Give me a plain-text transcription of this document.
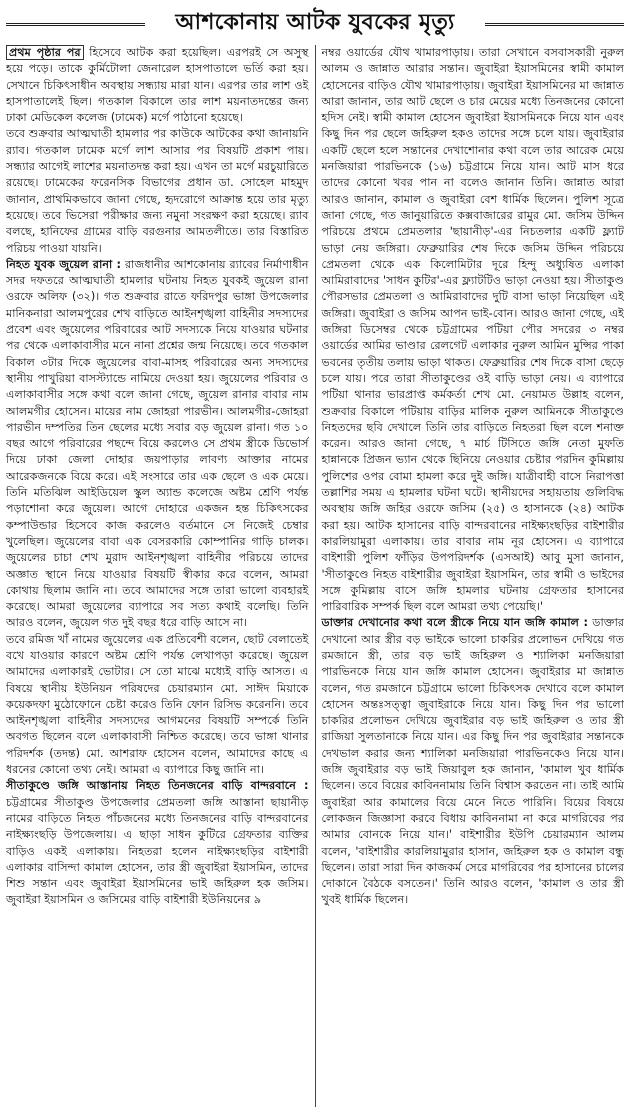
আশকোনায় আটক যুবকের মৃত্যু

প্রথম পৃষ্ঠার পর হিসেবে আটক করা হয়েছিল। এরপরই সে অসুস্থ হয়ে পড়ে। তাকে কুর্মিটোলা জেনারেল হাসপাতালে ভর্তি করা হয়। সেখানে চিকিৎসাধীন অবস্থায় সন্ধ্যায় মারা যান। এরপর তার লাশ ওই হাসপাতালেই ছিল। গতকাল বিকালে তার লাশ ময়নাতদন্তের জন্য ঢাকা মেডিকেল কলেজ (ঢামেক) মর্গে পাঠানো হয়েছে।

তবে শুক্রবার আত্মঘাতী হামলার পর কাউকে আটকের কথা জানায়নি র‍্যাব। গতকাল ঢামেক মর্গে লাশ আসার পর বিষয়টি প্রকাশ পায়। সন্ধ্যার আগেই লাশের ময়নাতদন্ত করা হয়। এখন তা মর্গে মরচুয়ারিতে রয়েছে। ঢামেকের ফরেনসিক বিভাগের প্রধান ডা. সোহেল মাহমুদ জানান, প্রাথমিকভাবে জানা গেছে, হৃদরোগে আক্রান্ত হয়ে তার মৃত্যু হয়েছে। তবে ভিসেরা পরীক্ষার জন্য নমুনা সংরক্ষণ করা হয়েছে। র‍্যাব বলছে, হানিফের গ্রামের বাড়ি বরগুনার আমতলীতে। তার বিস্তারিত পরিচয় পাওয়া যায়নি।

নিহত যুবক জুয়েল রানা : রাজধানীর আশকোনায় র‍্যাবের নির্মাণাধীন সদর দফতরে আত্মঘাতী হামলার ঘটনায় নিহত যুবকই জুয়েল রানা ওরফে অলিফ (৩২)। গত শুক্রবার রাতে ফরিদপুর ভাঙ্গা উপজেলার মানিকনারা আলমপুরের শেখ বাড়িতে আইনশৃঙ্খলা বাহিনীর সদস্যদের প্রবেশ এবং জুয়েলের পরিবারের আট সদস্যকে নিয়ে যাওয়ার ঘটনার পর থেকে এলাকাবাসীর মনে নানা প্রশ্নের জন্ম নিয়েছে। তবে গতকাল বিকাল ৩টার দিকে জুয়েলের বাবা-মাসহ পরিবারের অন্য সদস্যদের স্থানীয় পাখুরিয়া বাসস্ট্যান্ডে নামিয়ে দেওয়া হয়। জুয়েলের পরিবার ও এলাকাবাসীর সঙ্গে কথা বলে জানা গেছে, জুয়েল রানার বাবার নাম আলমগীর হোসেন। মায়ের নাম জোহরা পারভীন। আলমগীর-জোহরা পারভীন দম্পতির তিন ছেলের মধ্যে সবার বড় জুয়েল রানা। গত ১০ বছর আগে পরিবারের পছন্দে বিয়ে করলেও সে প্রথম স্ত্রীকে ডিভোর্স দিয়ে ঢাকা জেলা দোহার জয়পাড়ার লাবণ্য আক্তার নামের আরেকজনকে বিয়ে করে। এই সংসারে তার এক ছেলে ও এক মেয়ে। তিনি মতিঝিল আইডিয়েল স্কুল অ্যান্ড কলেজে অষ্টম শ্রেণি পর্যন্ত পড়াশোনা করে জুয়েল। আগে দোহারে একজন হন্ত চিকিৎসকের কম্পাউন্ডার হিসেবে কাজ করলেও বর্তমানে সে নিজেই চেম্বার খুলেছিল। জুয়েলের বাবা এক বেসরকারি কোম্পানির গাড়ি চালক। জুয়েলের চাচা শেখ মুরাদ আইনশৃঙ্খলা বাহিনীর পরিচয়ে তাদের অজ্ঞাত স্থানে নিয়ে যাওয়ার বিষয়টি স্বীকার করে বলেন, আমরা কোথায় ছিলাম জানি না। তবে আমাদের সঙ্গে তারা ভালো ব্যবহারই করেছে। আমরা জুয়েলের ব্যাপারে সব সত্য কথাই বলেছি। তিনি আরও বলেন, জুয়েল গত দুই বছর ধরে বাড়ি আসে না।

তবে রমিজ খাঁ নামের জুয়েলের এক প্রতিবেশী বলেন, ছোট বেলাতেই বখে যাওয়ার কারণে অষ্টম শ্রেণি পর্যন্ত লেখাপড়া করেছে। জুয়েল আমাদের এলাকারই ভোটার। সে তো মাঝে মধ্যেই বাড়ি আসত। এ বিষয়ে স্থানীয় ইউনিয়ন পরিষদের চেয়ারম্যান মো. সাঈদ মিয়াকে কয়েকদফা মুঠোফোনে চেষ্টা করেও তিনি ফোন রিসিভ করেননি। তবে আইনশৃঙ্খলা বাহিনীর সদস্যদের আগমনের বিষয়টি সম্পর্কে তিনি অবগত ছিলেন বলে এলাকাবাসী নিশ্চিত করেছে। তবে ভাঙ্গা থানার পরিদর্শক (তদন্ত) মো. আশরাফ হোসেন বলেন, আমাদের কাছে এ ধরনের কোনো তথ্য নেই। আমরা এ ব্যাপারে কিছু জানি না।

সীতাকুণ্ডে জঙ্গি আস্তানায় নিহত তিনজনের বাড়ি বান্দরবানে : চট্টগ্রামের সীতাকুণ্ড উপজেলার প্রেমতলা জঙ্গি আস্তানা ছায়ানীড় নামের বাড়িতে নিহত পাঁচজনের মধ্যে তিনজনের বাড়ি বান্দরবানের নাইক্ষ্যংছড়ি উপজেলায়। এ ছাড়া সাধন কুটিরে গ্রেফতার ব্যক্তির বাড়িও একই এলাকায়। নিহতরা হলেন নাইক্ষ্যংছড়ির বাইশারী এলাকার বাসিন্দা কামাল হোসেন, তার স্ত্রী জুবাইরা ইয়াসমিন, তাদের শিশু সন্তান এবং জুবাইরা ইয়াসমিনের ভাই জহিরুল হক জসিম। জুবাইরা ইয়াসমিন ও জসিমের বাড়ি বাইশারী ইউনিয়নের ৯

নম্বর ওয়ার্ডের যৌথ খামারপাড়ায়। তারা সেখানে বসবাসকারী নুরুল আলম ও জান্নাত আরার সন্তান। জুবাইরা ইয়াসমিনের স্বামী কামাল হোসেনের বাড়িও যৌথ খামারপাড়ায়। জুবাইরা ইয়াসমিনের মা জান্নাত আরা জানান, তার আট ছেলে ও চার মেয়ের মধ্যে তিনজনের কোনো হদিস নেই। স্বামী কামাল হোসেন জুবাইরা ইয়াসমিনকে নিয়ে যান এবং কিছু দিন পর ছেলে জহিরুল হকও তাদের সঙ্গে চলে যায়। জুবাইরার একটি ছেলে হলে সন্তানের দেখাশোনার কথা বলে তার আরেক মেয়ে মনজিয়ারা পারভিনকে (১৬) চট্টগ্রামে নিয়ে যান। আট মাস ধরে তাদের কোনো খবর পান না বলেও জানান তিনি। জান্নাত আরা আরও জানান, কামাল ও জুবাইরা বেশ ধার্মিক ছিলেন। পুলিশ সূত্রে জানা গেছে, গত জানুয়ারিতে কক্সবাজারের রামুর মো. জসিম উদ্দিন পরিচয়ে প্রথমে প্রেমতলার 'ছায়ানীড়'-এর নিচতলার একটি ফ্ল্যাট ভাড়া নেয় জঙ্গিরা। ফেব্রুয়ারির শেষ দিকে জসিম উদ্দিন পরিচয়ে প্রেমতলা থেকে এক কিলোমিটার দূরে হিন্দু অধ্যুষিত এলাকা আমিরাবাদের 'সাধন কুটির'-এর ফ্ল্যাটটিও ভাড়া নেওয়া হয়। সীতাকুণ্ড পৌরসভার প্রেমতলা ও আমিরাবাদের দুটি বাসা ভাড়া নিয়েছিল এই জঙ্গিরা। জুবাইরা ও জসিম আপন ভাই-বোন। আরও জানা গেছে, এই জঙ্গিরা ডিসেম্বর থেকে চট্টগ্রামের পটিয়া পৌর সদরের ৩ নম্বর ওয়ার্ডের আমির ভাণ্ডার রেলগেট এলাকার নুরুল আমিন মুন্সির পাকা ভবনের তৃতীয় তলায় ভাড়া থাকত। ফেব্রুয়ারির শেষ দিকে বাসা ছেড়ে চলে যায়। পরে তারা সীতাকুণ্ডের ওই বাড়ি ভাড়া নেয়। এ ব্যাপারে পটিয়া থানার ভারপ্রাপ্ত কর্মকর্তা শেখ মো. নেয়ামত উল্লাহ বলেন, শুক্রবার বিকালে পটিয়ায় বাড়ির মালিক নুরুল আমিনকে সীতাকুণ্ডে নিহতদের ছবি দেখালে তিনি তার বাড়িতে নিহতরা ছিল বলে শনাক্ত করেন। আরও জানা গেছে, ৭ মার্চ টিসিতে জঙ্গি নেতা মুফতি হান্নানকে প্রিজন ভ্যান থেকে ছিনিয়ে নেওয়ার চেষ্টার পরদিন কুমিল্লায় পুলিশের ওপর বোমা হামলা করে দুই জঙ্গি। যাত্রীবাহী বাসে নিরাপত্তা তল্লাশির সময় এ হামলার ঘটনা ঘটে। স্থানীয়দের সহায়তায় গুলিবিদ্ধ অবস্থায় জঙ্গি জহির ওরফে জসিম (২৫) ও হাসানকে (২৪) আটক করা হয়। আটক হাসানের বাড়ি বান্দরবানের নাইক্ষ্যংছড়ির বাইশারীর কারলিয়ামুরা এলাকায়। তার বাবার নাম নূর হোসেন। এ ব্যাপারে বাইশারী পুলিশ ফাঁড়ির উপপরিদর্শক (এসআই) আবু মুসা জানান, 'সীতাকুণ্ডে নিহত বাইশারীর জুবাইরা ইয়াসমিন, তার স্বামী ও ভাইদের সঙ্গে কুমিল্লায় বাসে জঙ্গি হামলার ঘটনায় গ্রেফতার হাসানের পারিবারিক সম্পর্ক ছিল বলে আমরা তথ্য পেয়েছি।'

ডাক্তার দেখানোর কথা বলে স্ত্রীকে নিয়ে যান জঙ্গি কামাল : ডাক্তার দেখানো আর স্ত্রীর বড় ভাইকে ভালো চাকরির প্রলোভন দেখিয়ে গত রমজানে স্ত্রী, তার বড় ভাই জহিরুল ও শ্যালিকা মনজিয়ারা পারভিনকে নিয়ে যান জঙ্গি কামাল হোসেন। জুবাইরার মা জান্নাত বলেন, গত রমজানে চট্টগ্রামে ভালো চিকিৎসক দেখাবে বলে কামাল হোসেন অন্তঃসত্ত্বা জুবাইরাকে নিয়ে যান। কিছু দিন পর ভালো চাকরির প্রলোভন দেখিয়ে জুবাইরার বড় ভাই জহিরুল ও তার স্ত্রী রাজিয়া সুলতানাকে নিয়ে যান। এর কিছু দিন পর জুবাইরার সন্তানকে দেখভাল করার জন্য শ্যালিকা মনজিয়ারা পারভিনকেও নিয়ে যান। জঙ্গি জুবাইরার বড় ভাই জিয়াবুল হক জানান, 'কামাল খুব ধার্মিক ছিলেন। তবে বিয়ের কাবিননামায় তিনি বিশ্বাস করতেন না। তাই আমি জুবাইরা আর কামালের বিয়ে মেনে নিতে পারিনি। বিয়ের বিষয়ে লোকজন জিজ্ঞাসা করবে বিধায় কাবিননামা না করে মাগরিবের পর আমার বোনকে নিয়ে যান।' বাইশারীর ইউপি চেয়ারম্যান আলম বলেন, 'বাইশারীর কারলিয়ামুরার হাসান, জহিরুল হক ও কামাল বন্ধু ছিলেন। তারা সারা দিন কাজকর্ম সেরে মাগরিবের পর হাসানের চালের দোকানে বৈঠকে বসতেন।' তিনি আরও বলেন, 'কামাল ও তার স্ত্রী খুবই ধার্মিক ছিলেন।
